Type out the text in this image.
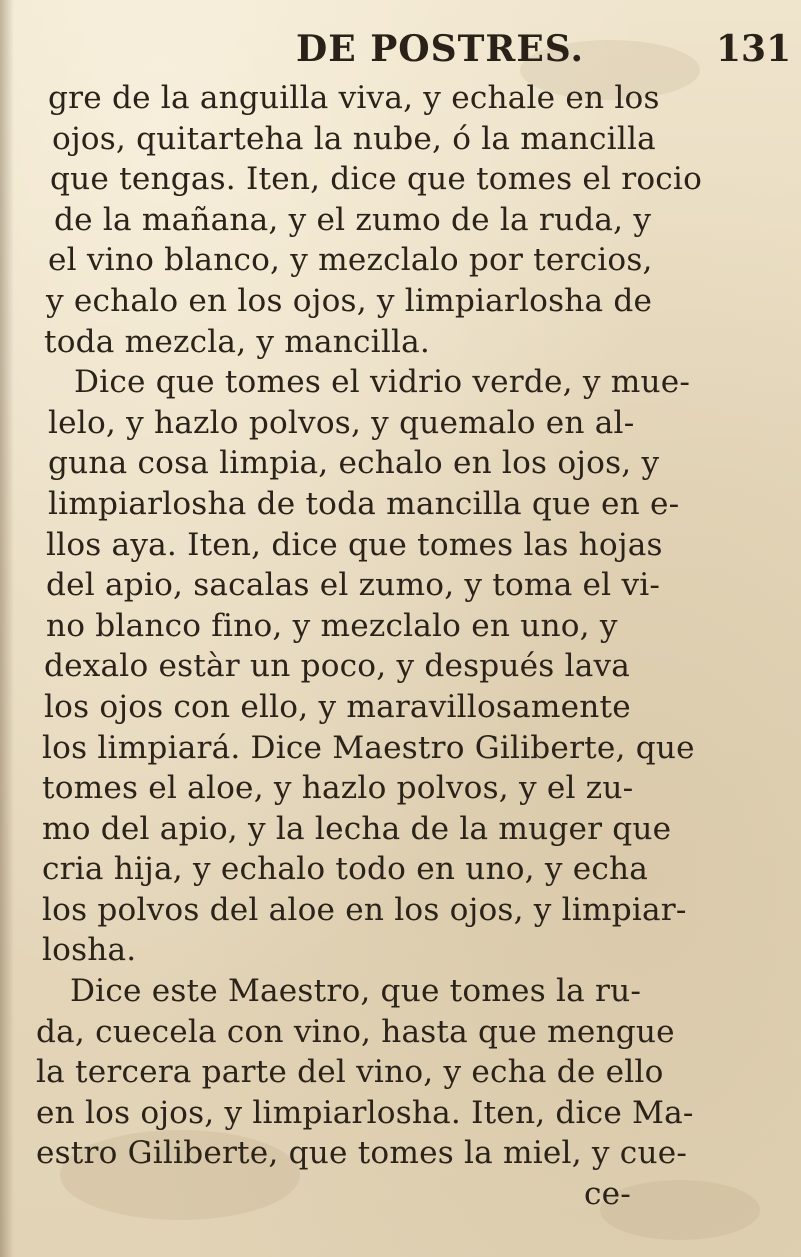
DE POSTRES.	131
gre de la anguilla viva, y echale en los
ojos, quitarteha la nube, ó la mancilla
que tengas. Iten, dice que tomes el rocio
de la mañana, y el zumo de la ruda, y
el vino blanco, y mezclalo por tercios,
y echalo en los ojos, y limpiarlosha de
toda mezcla, y mancilla.
Dice que tomes el vidrio verde, y mue-
lelo, y hazlo polvos, y quemalo en al-
guna cosa limpia, echalo en los ojos, y
limpiarlosha de toda mancilla que en e-
llos aya. Iten, dice que tomes las hojas
del apio, sacalas el zumo, y toma el vi-
no blanco fino, y mezclalo en uno, y
dexalo estàr un poco, y después lava
los ojos con ello, y maravillosamente
los limpiará. Dice Maestro Giliberte, que
tomes el aloe, y hazlo polvos, y el zu-
mo del apio, y la lecha de la muger que
cria hija, y echalo todo en uno, y echa
los polvos del aloe en los ojos, y limpiar-
losha.
Dice este Maestro, que tomes la ru-
da, cuecela con vino, hasta que mengue
la tercera parte del vino, y echa de ello
en los ojos, y limpiarlosha. Iten, dice Ma-
estro Giliberte, que tomes la miel, y cue-
ce-
